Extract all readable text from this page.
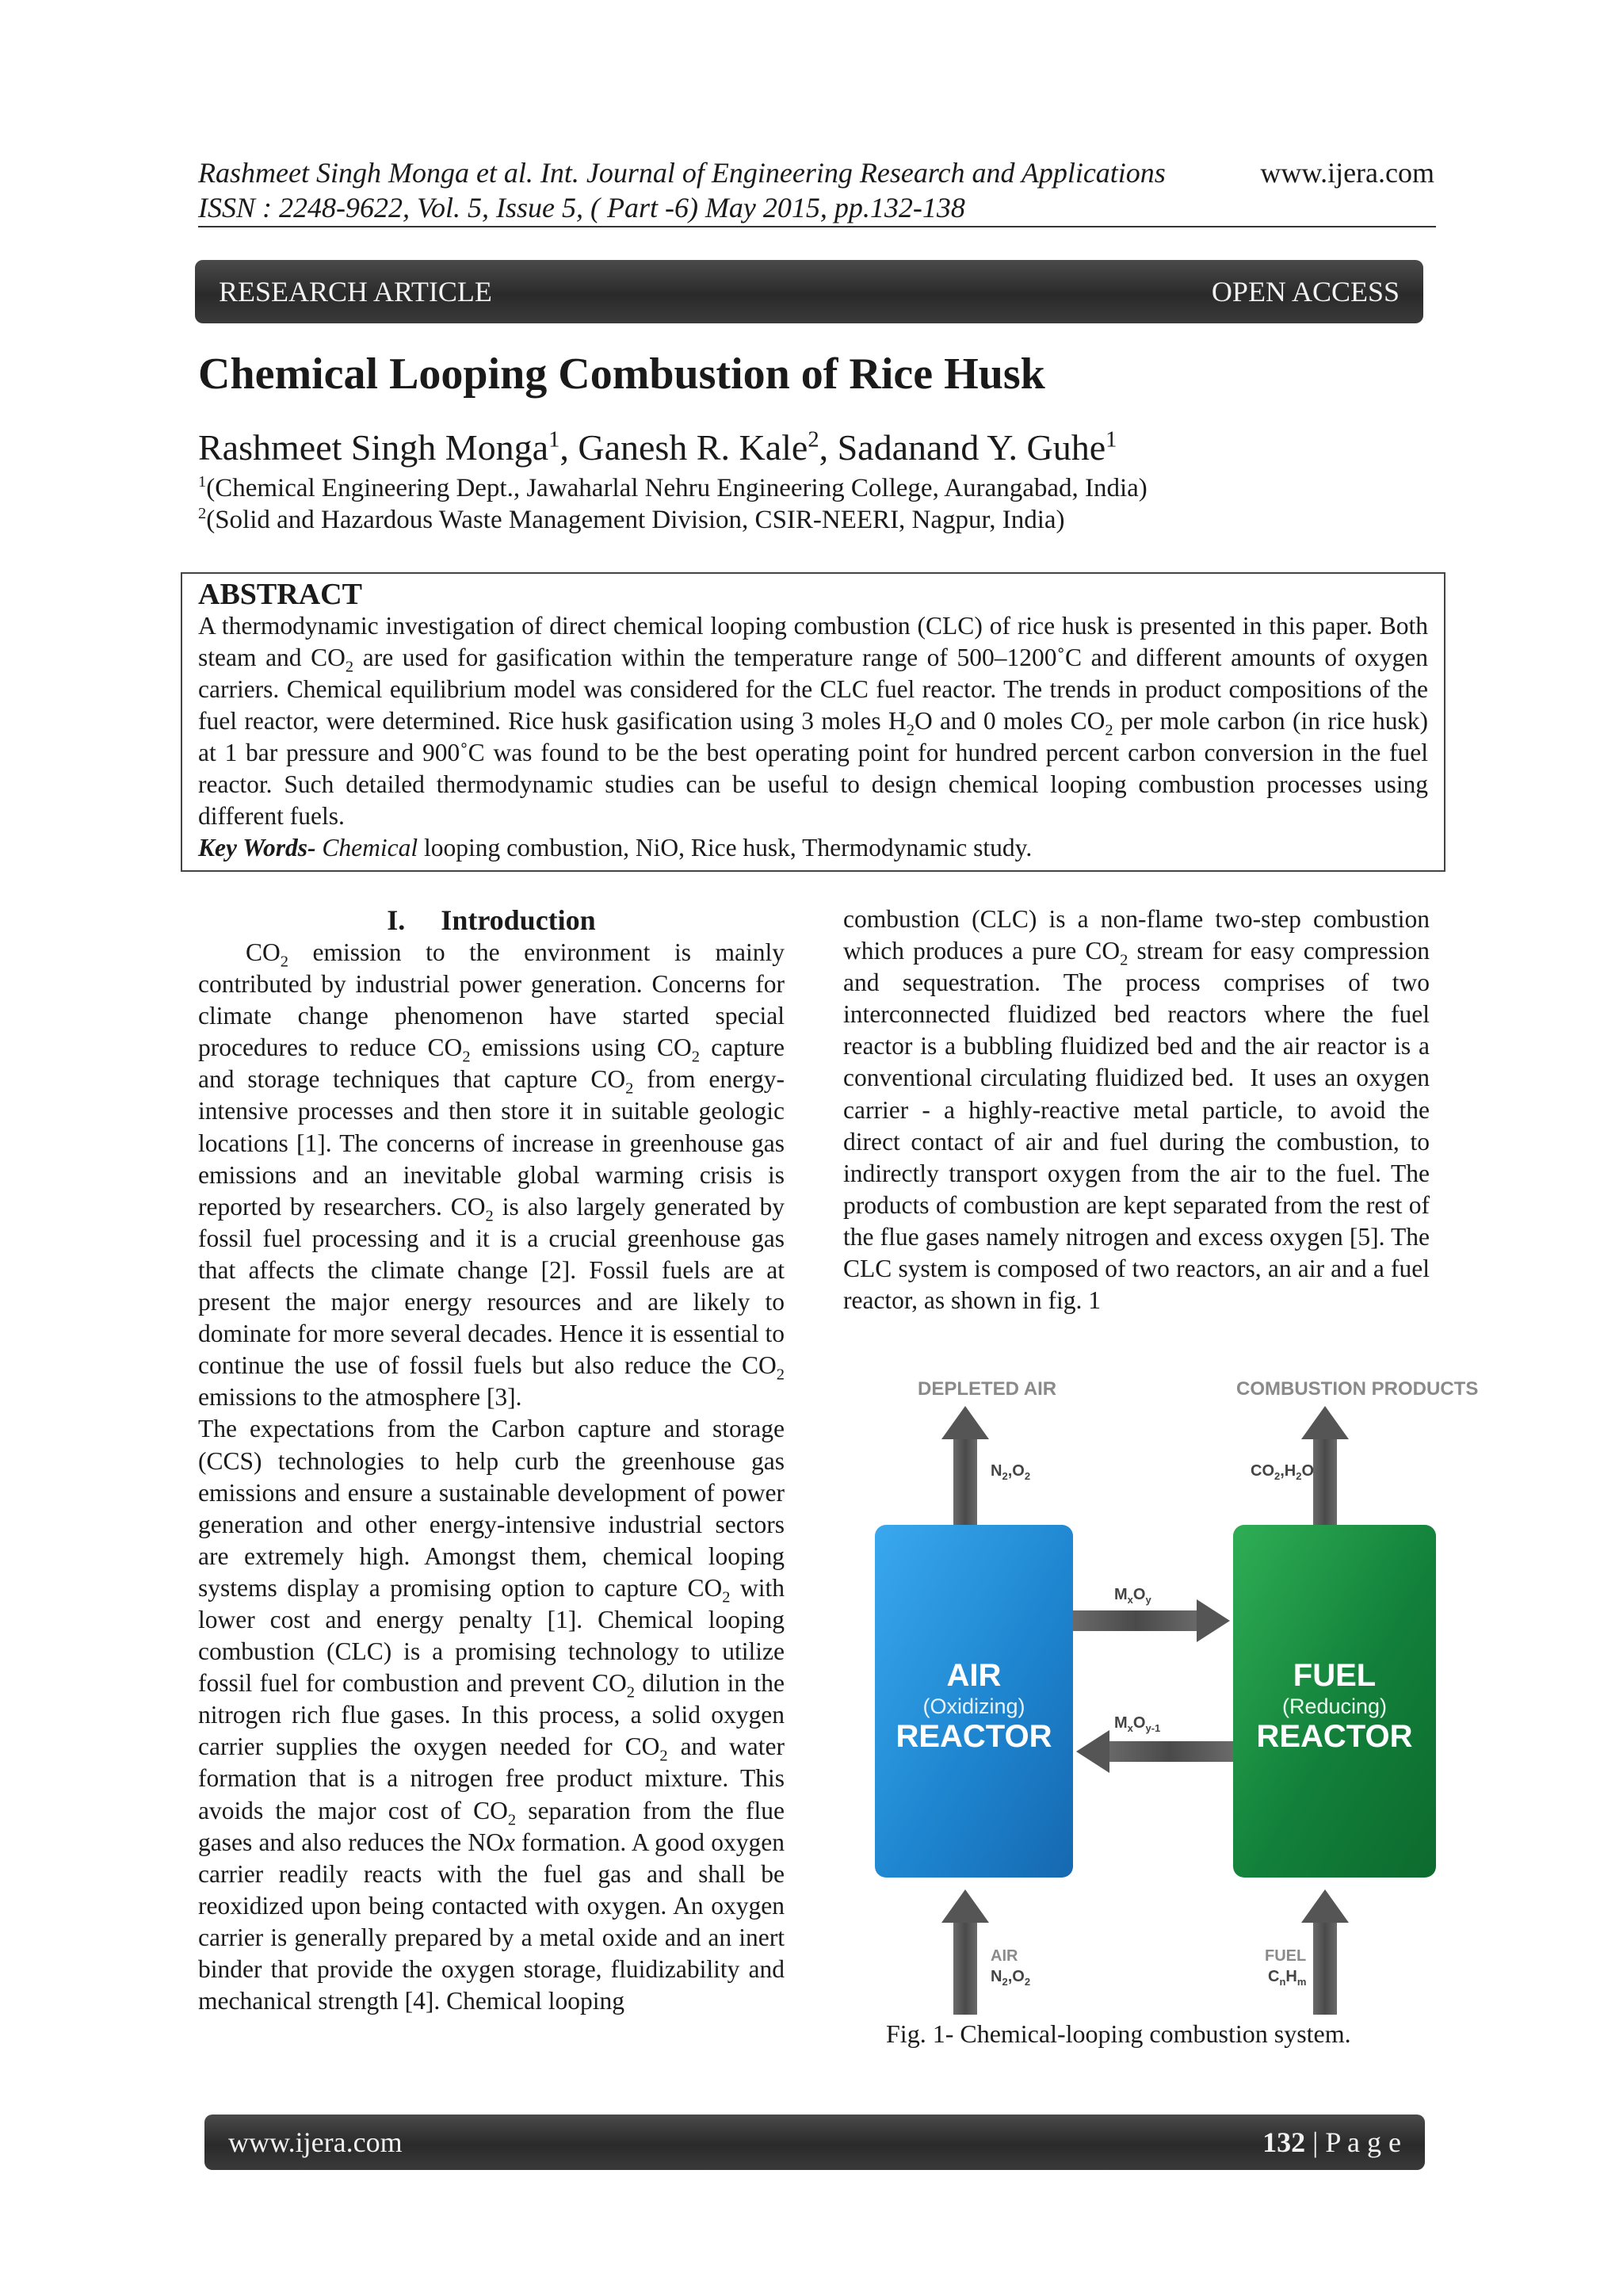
Rashmeet Singh Monga et al. Int. Journal of Engineering Research and Applications	www.ijera.com
ISSN : 2248-9622, Vol. 5, Issue 5, ( Part -6) May 2015, pp.132-138
RESEARCH ARTICLE	OPEN ACCESS
Chemical Looping Combustion of Rice Husk
Rashmeet Singh Monga$^1$, Ganesh R. Kale$^2$, Sadanand Y. Guhe$^1$
$^1$(Chemical Engineering Dept., Jawaharlal Nehru Engineering College, Aurangabad, India)
$^2$(Solid and Hazardous Waste Management Division, CSIR-NEERI, Nagpur, India)
ABSTRACT
A thermodynamic investigation of direct chemical looping combustion (CLC) of rice husk is presented in this paper. Both steam and $CO_2$ are used for gasification within the temperature range of 500–1200˚C and different amounts of oxygen carriers. Chemical equilibrium model was considered for the CLC fuel reactor. The trends in product compositions of the fuel reactor, were determined. Rice husk gasification using 3 moles $H_2O$ and 0 moles $CO_2$ per mole carbon (in rice husk) at 1 bar pressure and 900˚C was found to be the best operating point for hundred percent carbon conversion in the fuel reactor. Such detailed thermodynamic studies can be useful to design chemical looping combustion processes using different fuels.
Key Words- Chemical looping combustion, NiO, Rice husk, Thermodynamic study.
I.     Introduction

$CO_2$ emission to the environment is mainly contributed by industrial power generation. Concerns for climate change phenomenon have started special procedures to reduce $CO_2$ emissions using $CO_2$ capture and storage techniques that capture $CO_2$ from energy-intensive processes and then store it in suitable geologic locations [1]. The concerns of increase in greenhouse gas emissions and an inevitable global warming crisis is reported by researchers. $CO_2$ is also largely generated by fossil fuel processing and it is a crucial greenhouse gas that affects the climate change [2]. Fossil fuels are at present the major energy resources and are likely to dominate for more several decades. Hence it is essential to continue the use of fossil fuels but also reduce the $CO_2$ emissions to the atmosphere [3].

The expectations from the Carbon capture and storage (CCS) technologies to help curb the greenhouse gas emissions and ensure a sustainable development of power generation and other energy-intensive industrial sectors are extremely high. Amongst them, chemical looping systems display a promising option to capture $CO_2$ with lower cost and energy penalty [1]. Chemical looping combustion (CLC) is a promising technology to utilize fossil fuel for combustion and prevent $CO_2$ dilution in the nitrogen rich flue gases. In this process, a solid oxygen carrier supplies the oxygen needed for $CO_2$ and water formation that is a nitrogen free product mixture. This avoids the major cost of $CO_2$ separation from the flue gases and also reduces the NOx formation. A good oxygen carrier readily reacts with the fuel gas and shall be reoxidized upon being contacted with oxygen. An oxygen carrier is generally prepared by a metal oxide and an inert binder that provide the oxygen storage, fluidizability and mechanical strength [4]. Chemical looping

combustion (CLC) is a non-flame two-step combustion which produces a pure $CO_2$ stream for easy compression and sequestration. The process comprises of two interconnected fluidized bed reactors where the fuel reactor is a bubbling fluidized bed and the air reactor is a conventional circulating fluidized bed.  It uses an oxygen carrier - a highly-reactive metal particle, to avoid the direct contact of air and fuel during the combustion, to indirectly transport oxygen from the air to the fuel. The products of combustion are kept separated from the rest of the flue gases namely nitrogen and excess oxygen [5]. The CLC system is composed of two reactors, an air and a fuel reactor, as shown in fig. 1

DEPLETED AIR	COMBUSTION PRODUCTS
$N_2,O_2$	$CO_2,H_2O$
AIR
(Oxidizing)
REACTOR
FUEL
(Reducing)
REACTOR
$M_xO_y$
$M_xO_{y-1}$
AIR
$N_2,O_2$
FUEL
$C_nH_m$
Fig. 1- Chemical-looping combustion system.
www.ijera.com	132 | P a g e
